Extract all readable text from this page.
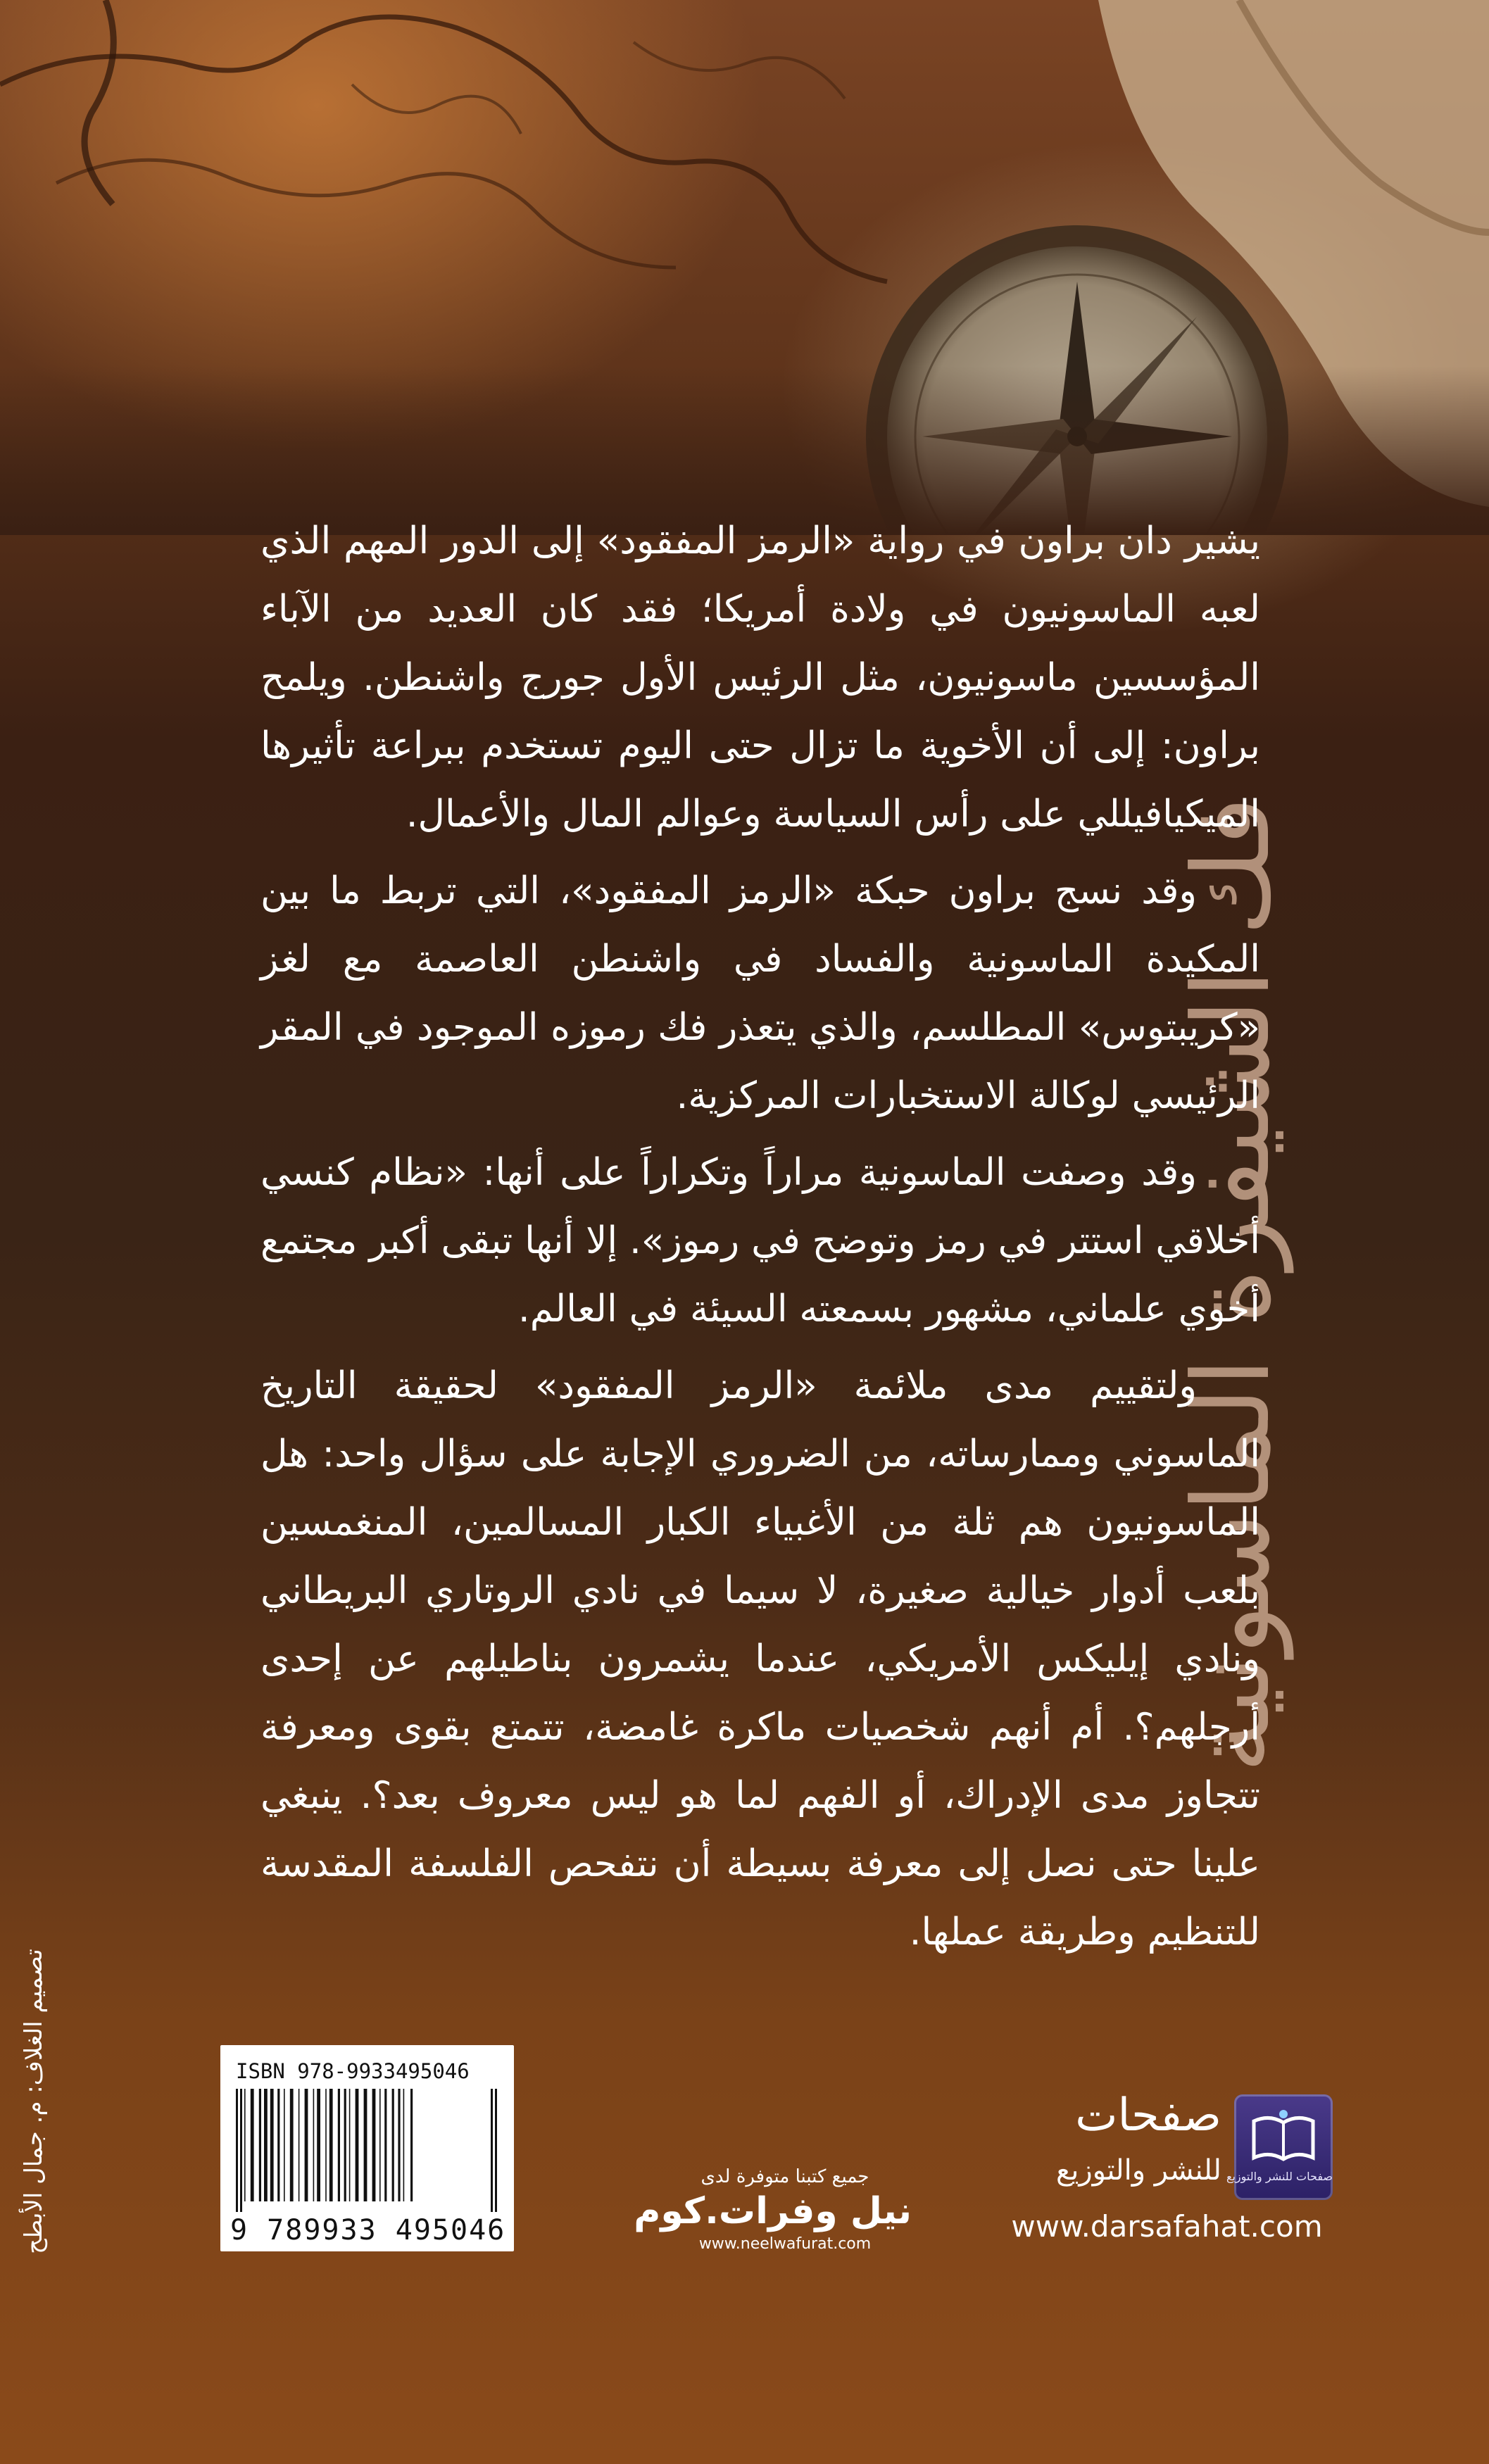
فك الشيفرة الماسونية

يشير دان براون في رواية «الرمز المفقود» إلى الدور المهم الذي لعبه الماسونيون في ولادة أمريكا؛ فقد كان العديد من الآباء المؤسسين ماسونيون، مثل الرئيس الأول جورج واشنطن. ويلمح براون: إلى أن الأخوية ما تزال حتى اليوم تستخدم ببراعة تأثيرها الميكيافيللي على رأس السياسة وعوالم المال والأعمال.

وقد نسج براون حبكة «الرمز المفقود»، التي تربط ما بين المكيدة الماسونية والفساد في واشنطن العاصمة مع لغز «كريبتوس» المطلسم، والذي يتعذر فك رموزه الموجود في المقر الرئيسي لوكالة الاستخبارات المركزية.

وقد وصفت الماسونية مراراً وتكراراً على أنها: «نظام كنسي أخلاقي استتر في رمز وتوضح في رموز». إلا أنها تبقى أكبر مجتمع أخوي علماني، مشهور بسمعته السيئة في العالم.

ولتقييم مدى ملائمة «الرمز المفقود» لحقيقة التاريخ الماسوني وممارساته، من الضروري الإجابة على سؤال واحد: هل الماسونيون هم ثلة من الأغبياء الكبار المسالمين، المنغمسين بلعب أدوار خيالية صغيرة، لا سيما في نادي الروتاري البريطاني ونادي إيليكس الأمريكي، عندما يشمرون بناطيلهم عن إحدى أرجلهم؟. أم أنهم شخصيات ماكرة غامضة، تتمتع بقوى ومعرفة تتجاوز مدى الإدراك، أو الفهم لما هو ليس معروف بعد؟. ينبغي علينا حتى نصل إلى معرفة بسيطة أن نتفحص الفلسفة المقدسة للتنظيم وطريقة عملها.

تصميم الغلاف: م. جمال الأبطح	ISBN 978-9933495046
9 789933 495046
جميع كتبنا متوفرة لدى
نيل وفرات.كوم
www.neelwafurat.com
صفحات
للنشر والتوزيع صفحات للنشر والتوزيع
www.darsafahat.com
